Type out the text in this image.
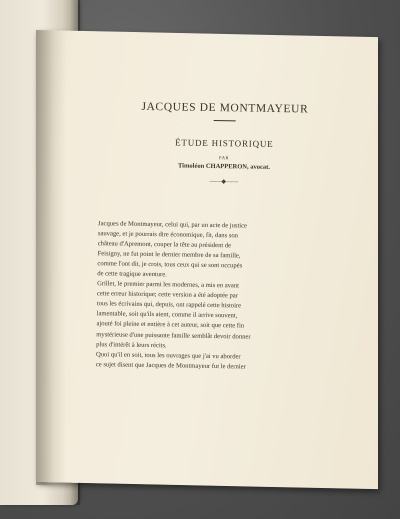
JACQUES DE MONTMAYEUR
ÉTUDE HISTORIQUE
PAR
Timoléon CHAPPERON, avocat.
——◆——

Jacques de Montmayeur, celui qui, par un acte de justice
sauvage, et je pourrais dire économique, fit, dans son
château d'Apremont, couper la tête au président de
Feisigny, ne fut point le dernier membre de sa famille,
comme l'ont dit, je crois, tous ceux qui se sont occupés
de cette tragique aventure.

Grillet, le premier parmi les modernes, a mis en avant
cette erreur historique; cette version a été adoptée par
tous les écrivains qui, depuis, ont rappelé cette histoire
lamentable, soit qu'ils aient, comme il arrive souvent,
ajouté foi pleine et entière à cet auteur, soit que cette fin
mystérieuse d'une puissante famille semblât devoir donner
plus d'intérêt à leurs récits.

Quoi qu'il en soit, tous les ouvrages que j'ai vu aborder
ce sujet disent que Jacques de Montmayeur fut le dernier
